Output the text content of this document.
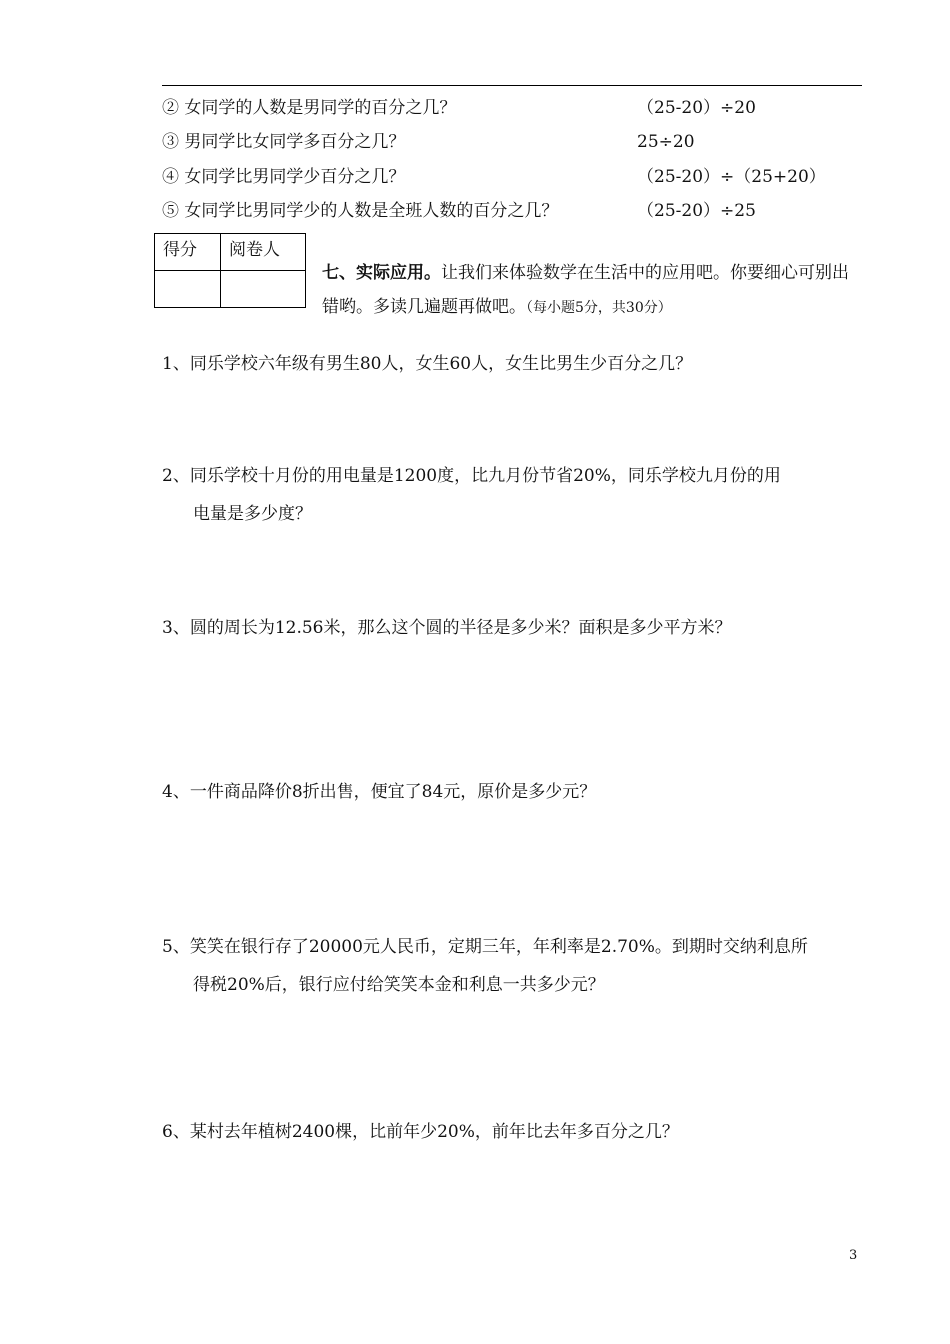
② 女同学的人数是男同学的百分之几？	（25-20）÷20
③ 男同学比女同学多百分之几？	25÷20
④ 女同学比男同学少百分之几？	（25-20）÷（25+20）
⑤ 女同学比男同学少的人数是全班人数的百分之几？	（25-20）÷25
得分	阅卷人

七、实际应用。让我们来体验数学在生活中的应用吧。你要细心可别出错哟。多读几遍题再做吧。（每小题5分，共30分）
1、同乐学校六年级有男生80人，女生60人，女生比男生少百分之几？
2、同乐学校十月份的用电量是1200度，比九月份节省20%，同乐学校九月份的用
电量是多少度？
3、圆的周长为12.56米，那么这个圆的半径是多少米？面积是多少平方米？
4、一件商品降价8折出售，便宜了84元，原价是多少元？
5、笑笑在银行存了20000元人民币，定期三年，年利率是2.70%。到期时交纳利息所
得税20%后，银行应付给笑笑本金和利息一共多少元？
6、某村去年植树2400棵，比前年少20%，前年比去年多百分之几？
3
